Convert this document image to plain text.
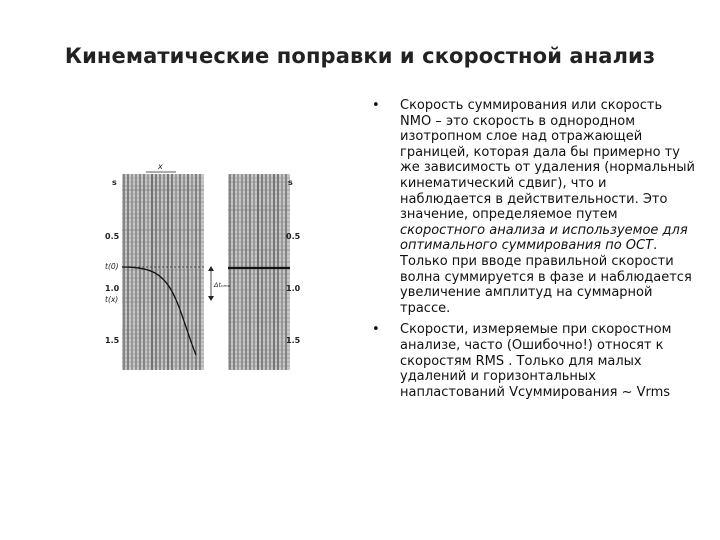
Кинематические поправки и скоростной анализ
x
s
0.5
1.0
1.5
s
0.5
1.0
1.5
t(0)
t(x)
Δtₙₘₒ
• Скорость суммирования или скорость NMO – это скорость в однородном изотропном слое над отражающей границей, которая дала бы примерно ту же зависимость от удаления (нормальный кинематический сдвиг), что и наблюдается в действительности. Это значение, определяемое путем скоростного анализа и используемое для оптимального суммирования по ОСТ. Только при вводе правильной скорости волна суммируется в фазе и наблюдается увеличение амплитуд на суммарной трассе.
• Скорости, измеряемые при скоростном анализе, часто (Ошибочно!) относят к скоростям RMS . Только для малых удалений и горизонтальных напластований Vсуммирования ~ Vrms
